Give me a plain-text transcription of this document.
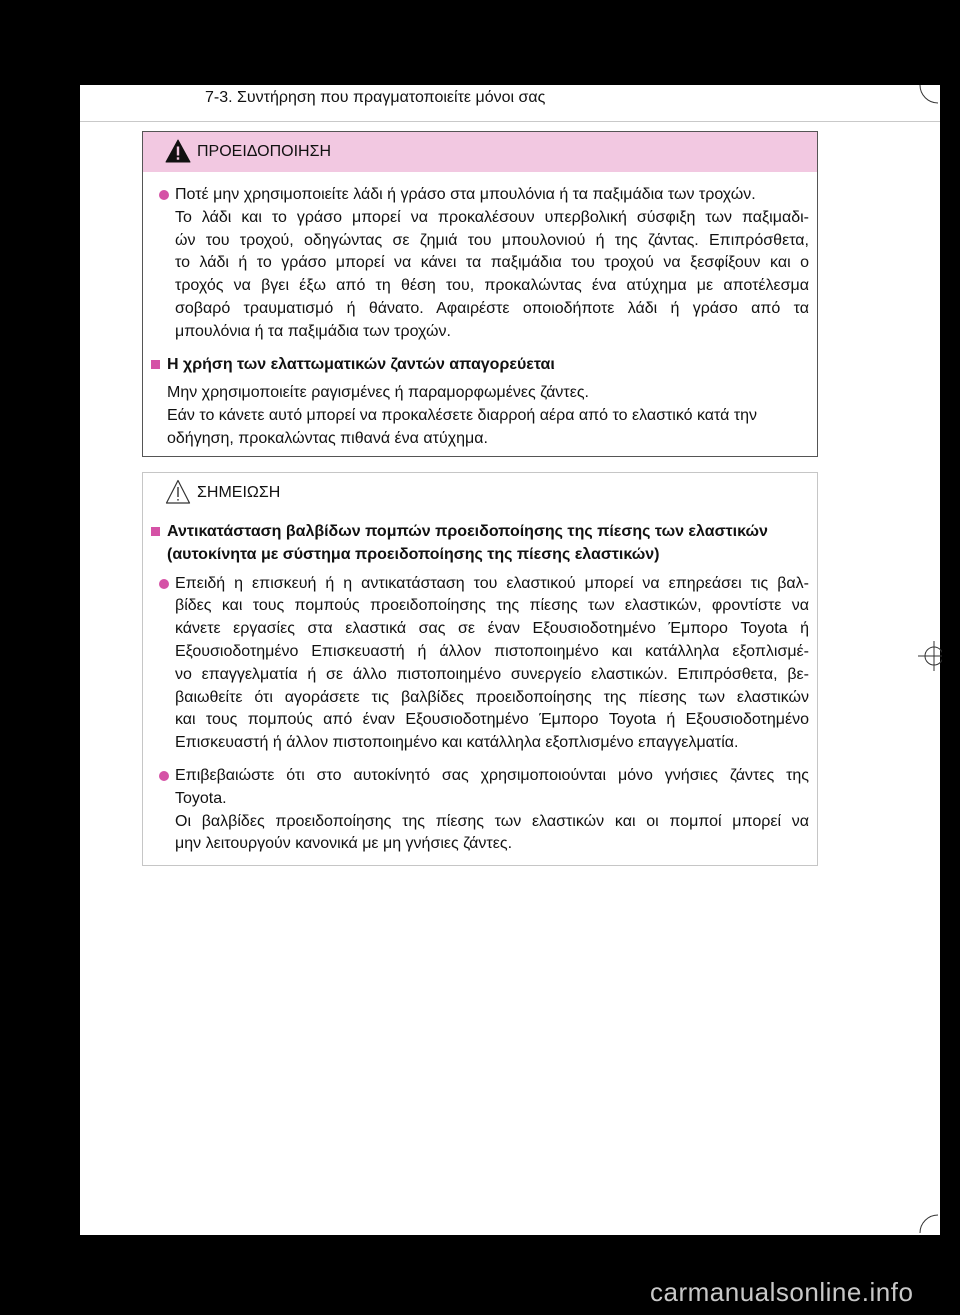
7-3. Συντήρηση που πραγματοποιείτε μόνοι σας
ΠΡΟΕΙΔΟΠΟΙΗΣΗ
Ποτέ μην χρησιμοποιείτε λάδι ή γράσο στα μπουλόνια ή τα παξιμάδια των τροχών.
Το λάδι και το γράσο μπορεί να προκαλέσουν υπερβολική σύσφιξη των παξιμαδι-
ών του τροχού, οδηγώντας σε ζημιά του μπουλονιού ή της ζάντας. Επιπρόσθετα,
το λάδι ή το γράσο μπορεί να κάνει τα παξιμάδια του τροχού να ξεσφίξουν και ο
τροχός να βγει έξω από τη θέση του, προκαλώντας ένα ατύχημα με αποτέλεσμα
σοβαρό τραυματισμό ή θάνατο. Αφαιρέστε οποιοδήποτε λάδι ή γράσο από τα
μπουλόνια ή τα παξιμάδια των τροχών.
Η χρήση των ελαττωματικών ζαντών απαγορεύεται
Μην χρησιμοποιείτε ραγισμένες ή παραμορφωμένες ζάντες.
Εάν το κάνετε αυτό μπορεί να προκαλέσετε διαρροή αέρα από το ελαστικό κατά την
οδήγηση, προκαλώντας πιθανά ένα ατύχημα.
ΣΗΜΕΙΩΣΗ
Αντικατάσταση βαλβίδων πομπών προειδοποίησης της πίεσης των ελαστικών
(αυτοκίνητα με σύστημα προειδοποίησης της πίεσης ελαστικών)
Επειδή η επισκευή ή η αντικατάσταση του ελαστικού μπορεί να επηρεάσει τις βαλ-
βίδες και τους πομπούς προειδοποίησης της πίεσης των ελαστικών, φροντίστε να
κάνετε εργασίες στα ελαστικά σας σε έναν Εξουσιοδοτημένο Έμπορο Toyota ή
Εξουσιοδοτημένο Επισκευαστή ή άλλον πιστοποιημένο και κατάλληλα εξοπλισμέ-
νο επαγγελματία ή σε άλλο πιστοποιημένο συνεργείο ελαστικών. Επιπρόσθετα, βε-
βαιωθείτε ότι αγοράσετε τις βαλβίδες προειδοποίησης της πίεσης των ελαστικών
και τους πομπούς από έναν Εξουσιοδοτημένο Έμπορο Toyota ή Εξουσιοδοτημένο
Επισκευαστή ή άλλον πιστοποιημένο και κατάλληλα εξοπλισμένο επαγγελματία.
Επιβεβαιώστε ότι στο αυτοκίνητό σας χρησιμοποιούνται μόνο γνήσιες ζάντες της
Toyota.
Οι βαλβίδες προειδοποίησης της πίεσης των ελαστικών και οι πομποί μπορεί να
μην λειτουργούν κανονικά με μη γνήσιες ζάντες.
carmanualsonline.info
